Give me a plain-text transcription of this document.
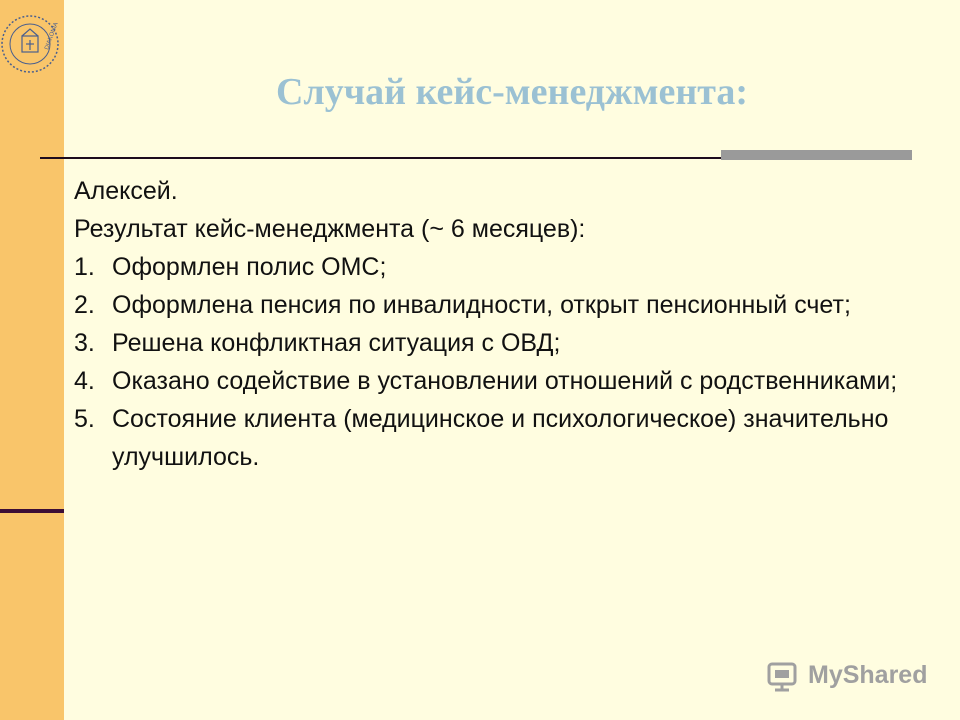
DIAKONIA
Случай кейс-менеджмента:

Алексей.

Результат кейс-менеджмента (~ 6 месяцев):

1. Оформлен полис ОМС;
2. Оформлена пенсия по инвалидности, открыт пенсионный счет;
3. Решена конфликтная ситуация с ОВД;
4. Оказано содействие в установлении отношений с родственниками;
5. Состояние клиента (медицинское и психологическое) значительно улучшилось.
MyShared
